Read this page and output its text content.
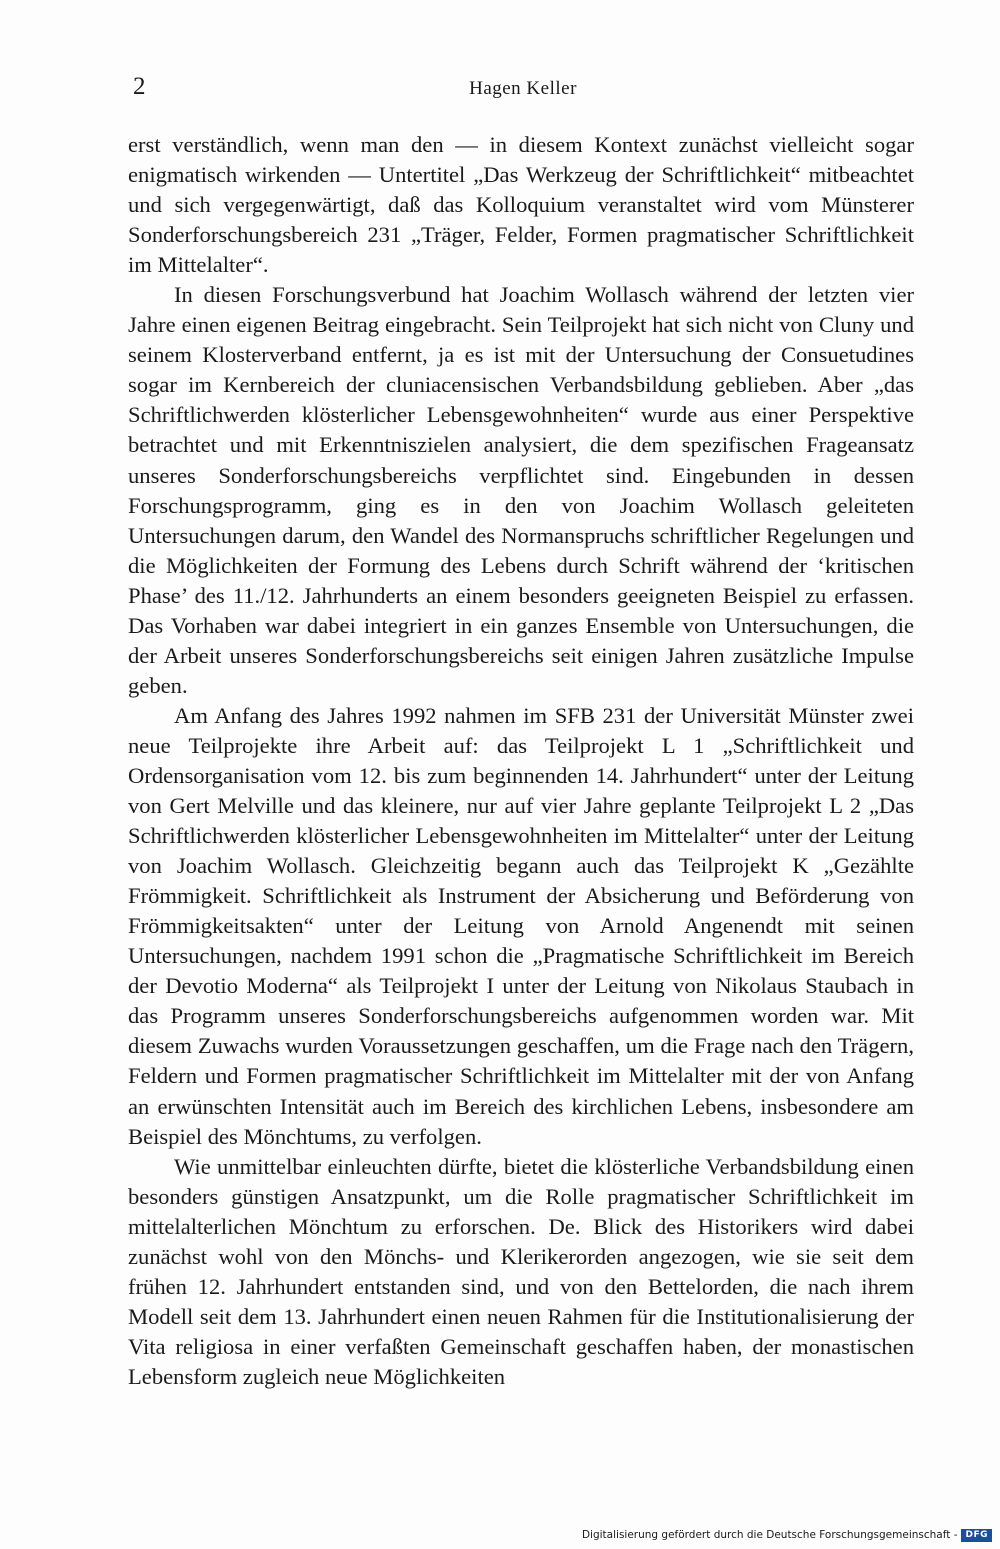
2	Hagen Keller

erst verständlich, wenn man den — in diesem Kontext zunächst vielleicht sogar enigmatisch wirkenden — Untertitel „Das Werkzeug der Schriftlichkeit“ mitbeachtet und sich vergegenwärtigt, daß das Kolloquium veranstaltet wird vom Münsterer Sonderforschungsbereich 231 „Träger, Felder, Formen pragmatischer Schriftlichkeit im Mittelalter“.

In diesen Forschungsverbund hat Joachim Wollasch während der letzten vier Jahre einen eigenen Beitrag eingebracht. Sein Teilprojekt hat sich nicht von Cluny und seinem Klosterverband entfernt, ja es ist mit der Untersuchung der Consuetudines sogar im Kernbereich der cluniacensischen Verbandsbildung geblieben. Aber „das Schriftlichwerden klösterlicher Lebensgewohnheiten“ wurde aus einer Perspektive betrachtet und mit Erkenntniszielen analysiert, die dem spezifischen Frageansatz unseres Sonderforschungsbereichs verpflichtet sind. Eingebunden in dessen Forschungsprogramm, ging es in den von Joachim Wollasch geleiteten Untersuchungen darum, den Wandel des Normanspruchs schriftlicher Regelungen und die Möglichkeiten der Formung des Lebens durch Schrift während der ‘kritischen Phase’ des 11./12. Jahrhunderts an einem besonders geeigneten Beispiel zu erfassen. Das Vorhaben war dabei integriert in ein ganzes Ensemble von Untersuchungen, die der Arbeit unseres Sonderforschungsbereichs seit einigen Jahren zusätzliche Impulse geben.

Am Anfang des Jahres 1992 nahmen im SFB 231 der Universität Münster zwei neue Teilprojekte ihre Arbeit auf: das Teilprojekt L 1 „Schriftlichkeit und Ordensorganisation vom 12. bis zum beginnenden 14. Jahrhundert“ unter der Leitung von Gert Melville und das kleinere, nur auf vier Jahre geplante Teilprojekt L 2 „Das Schriftlichwerden klösterlicher Lebensgewohnheiten im Mittelalter“ unter der Leitung von Joachim Wollasch. Gleichzeitig begann auch das Teilprojekt K „Gezählte Frömmigkeit. Schriftlichkeit als Instrument der Absicherung und Beförderung von Frömmigkeitsakten“ unter der Leitung von Arnold Angenendt mit seinen Untersuchungen, nachdem 1991 schon die „Pragmatische Schriftlichkeit im Bereich der Devotio Moderna“ als Teilprojekt I unter der Leitung von Nikolaus Staubach in das Programm unseres Sonderforschungsbereichs aufgenommen worden war. Mit diesem Zuwachs wurden Voraussetzungen geschaffen, um die Frage nach den Trägern, Feldern und Formen pragmatischer Schriftlichkeit im Mittelalter mit der von Anfang an erwünschten Intensität auch im Bereich des kirchlichen Lebens, insbesondere am Beispiel des Mönchtums, zu verfolgen.

Wie unmittelbar einleuchten dürfte, bietet die klösterliche Verbandsbildung einen besonders günstigen Ansatzpunkt, um die Rolle pragmatischer Schriftlichkeit im mittelalterlichen Mönchtum zu erforschen. De. Blick des Historikers wird dabei zunächst wohl von den Mönchs- und Klerikerorden angezogen, wie sie seit dem frühen 12. Jahrhundert entstanden sind, und von den Bettelorden, die nach ihrem Modell seit dem 13. Jahrhundert einen neuen Rahmen für die Institutionalisierung der Vita religiosa in einer verfaßten Gemeinschaft geschaffen haben, der monastischen Lebensform zugleich neue Möglichkeiten

Digitalisierung gefördert durch die Deutsche Forschungsgemeinschaft - DFG
